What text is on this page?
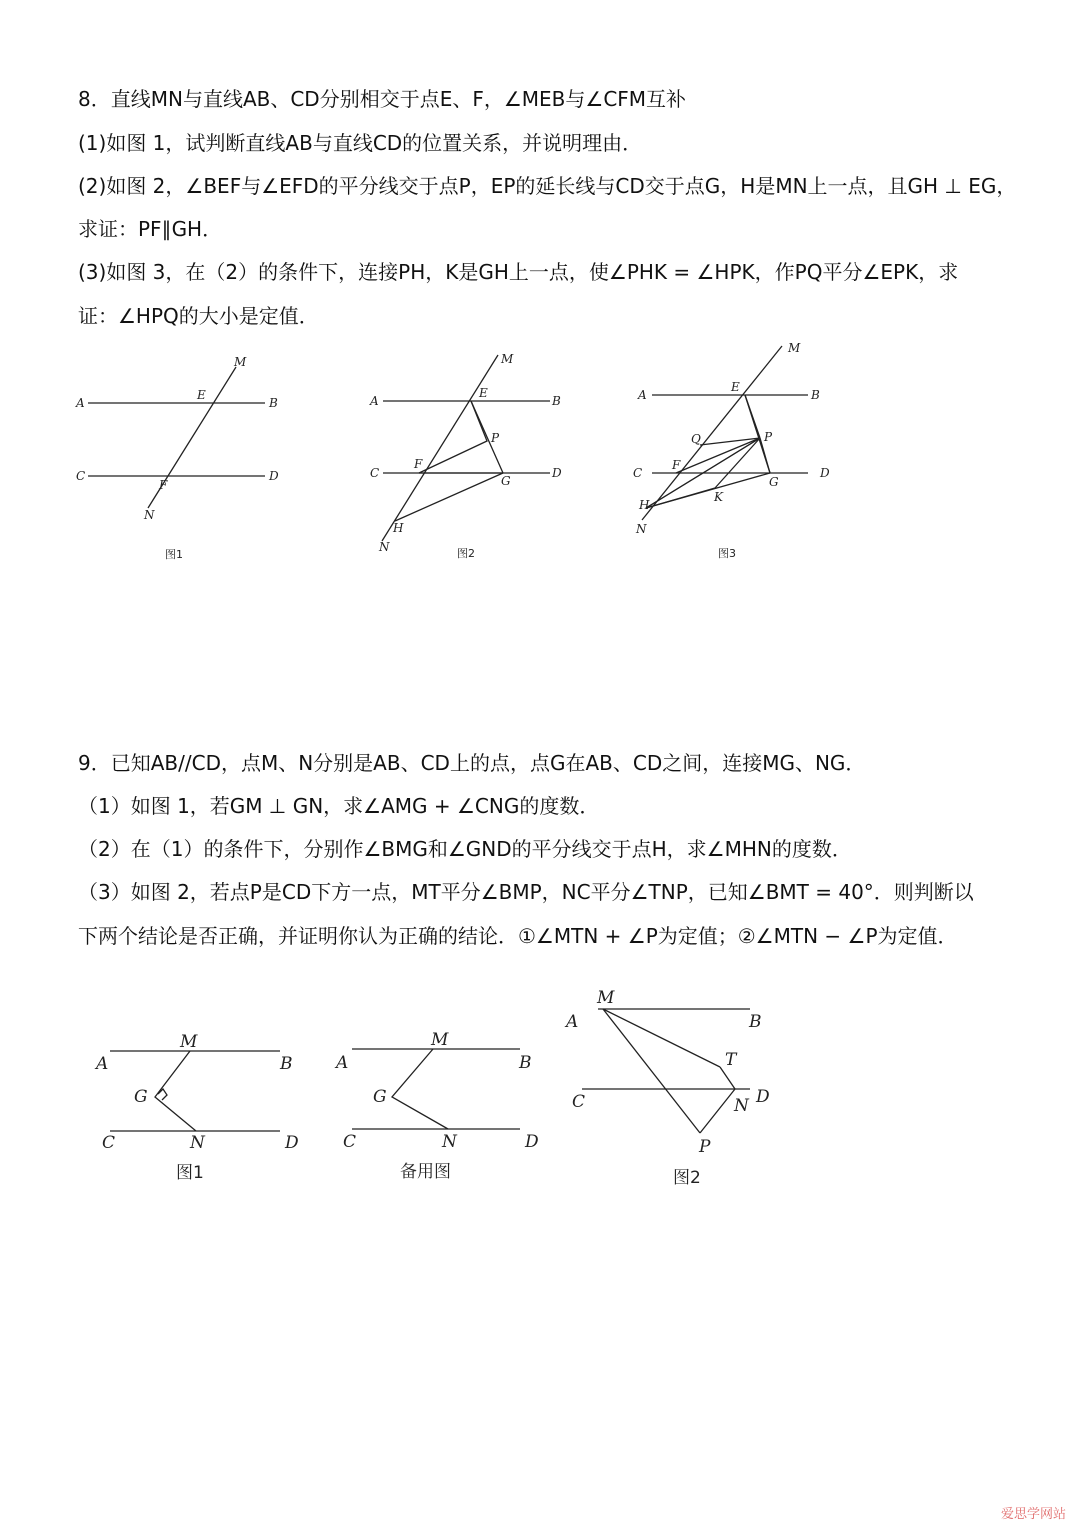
8．直线MN与直线AB、CD分别相交于点E、F，∠MEB与∠CFM互补
(1)如图 1，试判断直线AB与直线CD的位置关系，并说明理由．
(2)如图 2，∠BEF与∠EFD的平分线交于点P，EP的延长线与CD交于点G，H是MN上一点，且GH ⊥ EG，
求证：PF∥GH．
(3)如图 3，在（2）的条件下，连接PH，K是GH上一点，使∠PHK = ∠HPK，作PQ平分∠EPK，求
证：∠HPQ的大小是定值．
M
A
E
B
C
F
D
N
图1
M
A
E
B
P
C
F
G
D
H
N	图2
M
A
E
B
Q	P
C
F
D
G
K
H
N
图3
9．已知AB//CD，点M、N分别是AB、CD上的点，点G在AB、CD之间，连接MG、NG．
（1）如图 1，若GM ⊥ GN，求∠AMG + ∠CNG的度数．
（2）在（1）的条件下，分别作∠BMG和∠GND的平分线交于点H，求∠MHN的度数．
（3）如图 2，若点P是CD下方一点，MT平分∠BMP，NC平分∠TNP，已知∠BMT = 40°．则判断以
下两个结论是否正确，并证明你认为正确的结论．①∠MTN + ∠P为定值；②∠MTN − ∠P为定值．
M
A	B
G
C	N	D
图1
M
A	B
G
C	N	D
备用图
M
A	B
T
C	D
N
P
图2
爱思学网站
